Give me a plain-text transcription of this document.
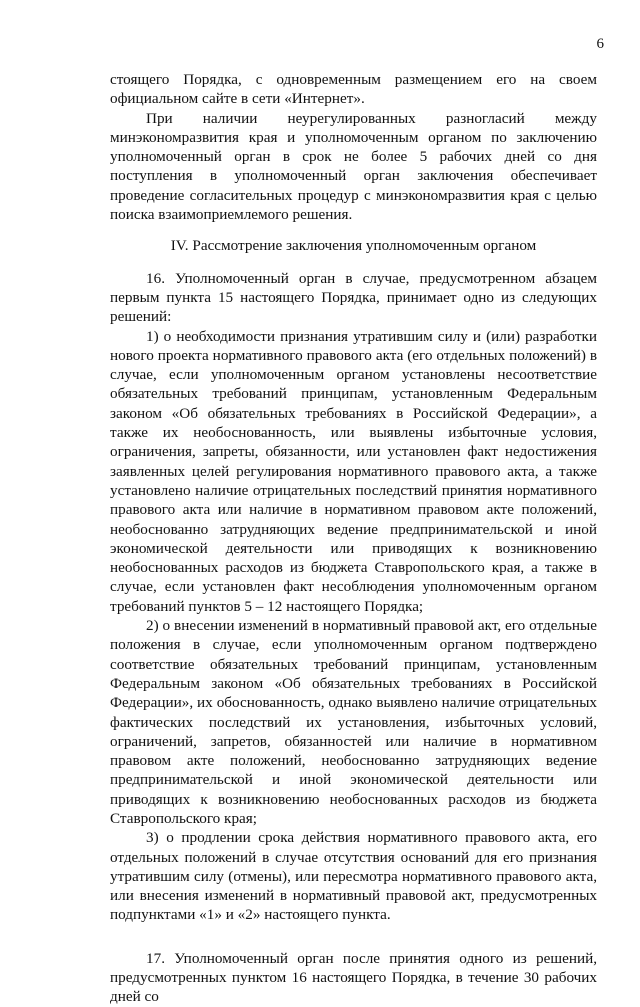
6

стоящего Порядка, с одновременным размещением его на своем официальном сайте в сети «Интернет».

При наличии неурегулированных разногласий между минэкономразвития края и уполномоченным органом по заключению уполномоченный орган в срок не более 5 рабочих дней со дня поступления в уполномоченный орган заключения обеспечивает проведение согласительных процедур с минэкономразвития края с целью поиска взаимоприемлемого решения.

IV. Рассмотрение заключения уполномоченным органом

16. Уполномоченный орган в случае, предусмотренном абзацем первым пункта 15 настоящего Порядка, принимает одно из следующих решений:

1) о необходимости признания утратившим силу и (или) разработки нового проекта нормативного правового акта (его отдельных положений) в случае, если уполномоченным органом установлены несоответствие обязательных требований принципам, установленным Федеральным законом «Об обязательных требованиях в Российской Федерации», а также их необоснованность, или выявлены избыточные условия, ограничения, запреты, обязанности, или установлен факт недостижения заявленных целей регулирования нормативного правового акта, а также установлено наличие отрицательных последствий принятия нормативного правового акта или наличие в нормативном правовом акте положений, необоснованно затрудняющих ведение предпринимательской и иной экономической деятельности или приводящих к возникновению необоснованных расходов из бюджета Ставропольского края, а также в случае, если установлен факт несоблюдения уполномоченным органом требований пунктов 5 – 12 настоящего Порядка;

2) о внесении изменений в нормативный правовой акт, его отдельные положения в случае, если уполномоченным органом подтверждено соответствие обязательных требований принципам, установленным Федеральным законом «Об обязательных требованиях в Российской Федерации», их обоснованность, однако выявлено наличие отрицательных фактических последствий их установления, избыточных условий, ограничений, запретов, обязанностей или наличие в нормативном правовом акте положений, необоснованно затрудняющих ведение предпринимательской и иной экономической деятельности или приводящих к возникновению необоснованных расходов из бюджета Ставропольского края;

3) о продлении срока действия нормативного правового акта, его отдельных положений в случае отсутствия оснований для его признания утратившим силу (отмены), или пересмотра нормативного правового акта, или внесения изменений в нормативный правовой акт, предусмотренных подпунктами «1» и «2» настоящего пункта.

17. Уполномоченный орган после принятия одного из решений, предусмотренных пунктом 16 настоящего Порядка, в течение 30 рабочих дней со
